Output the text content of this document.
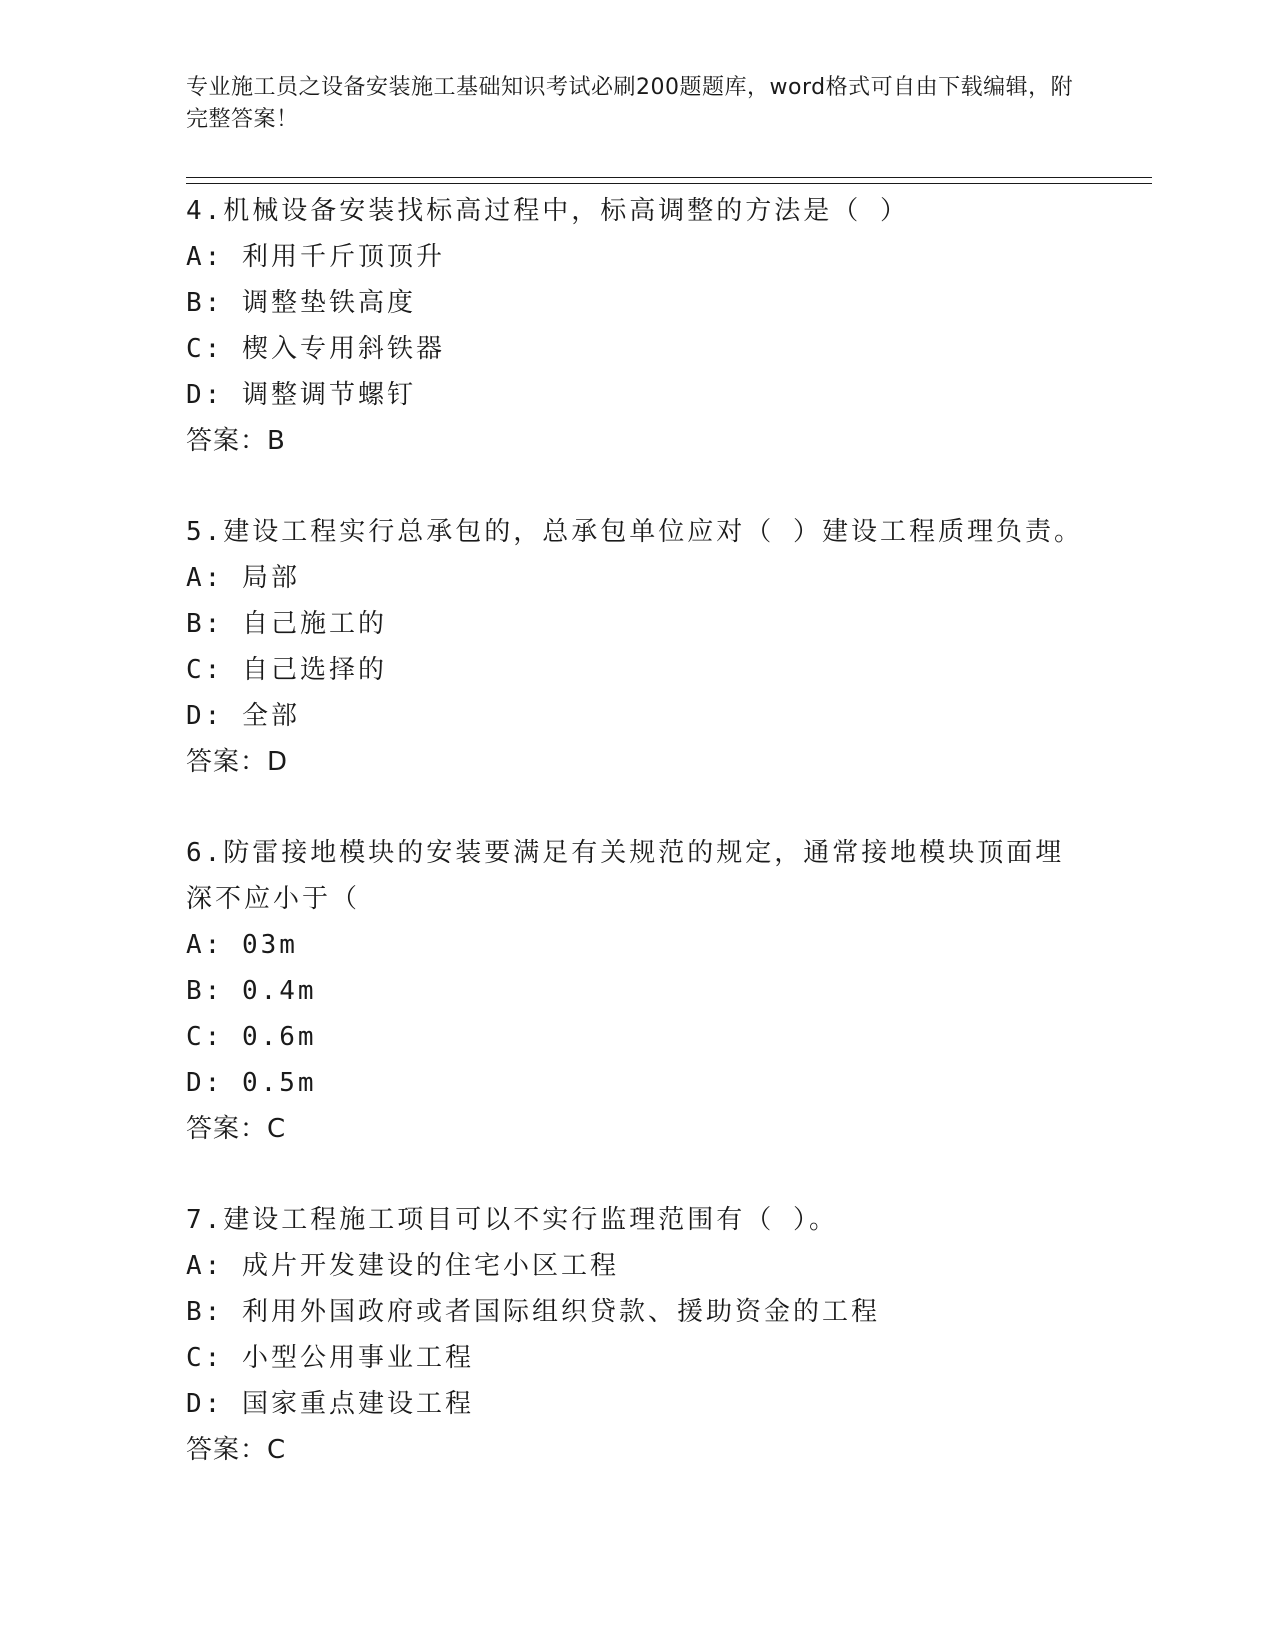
专业施工员之设备安装施工基础知识考试必刷200题题库，word格式可自由下载编辑，附完整答案！

4.机械设备安装找标高过程中，标高调整的方法是（ ）

A: 利用千斤顶顶升

B: 调整垫铁高度

C: 楔入专用斜铁器

D: 调整调节螺钉

答案：B

5.建设工程实行总承包的，总承包单位应对（ ）建设工程质理负责。

A: 局部

B: 自己施工的

C: 自己选择的

D: 全部

答案：D

6.防雷接地模块的安装要满足有关规范的规定，通常接地模块顶面埋深不应小于（

A: 03m

B: 0.4m

C: 0.6m

D: 0.5m

答案：C

7.建设工程施工项目可以不实行监理范围有（ ）。

A: 成片开发建设的住宅小区工程

B: 利用外国政府或者国际组织贷款、援助资金的工程

C: 小型公用事业工程

D: 国家重点建设工程

答案：C
